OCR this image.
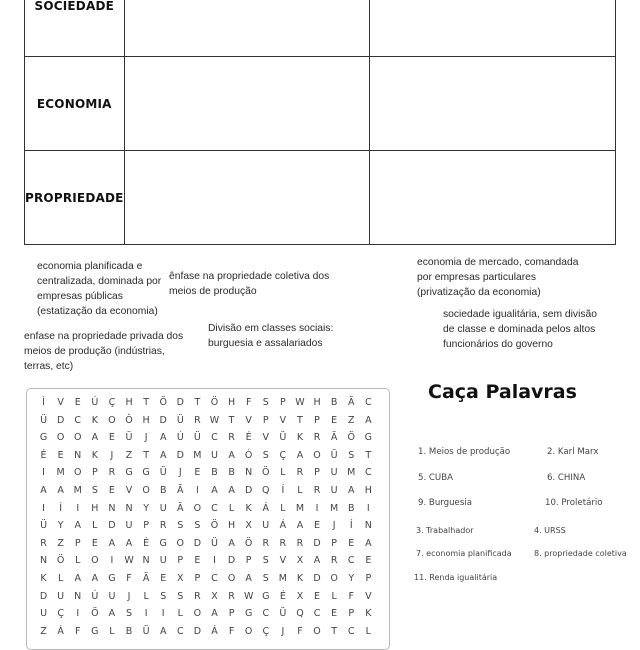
SOCIEDADE		
ECONOMIA		
PROPRIEDADE		
economia planificada e
centralizada, dominada por
empresas públicas
(estatização da economia)
ênfase na propriedade coletiva dos
meios de produção
economia de mercado, comandada
por empresas particulares
(privatização da economia)
enfase na propriedade privada dos
meios de produção (indústrias,
terras, etc)
Divisão em classes sociais:
burguesia e assalariados
sociedade igualitária, sem divisão
de classe e dominada pelos altos
funcionários do governo
Ì	V	E	Ú	Ç	H	T	Ö	D	T	Ö	H	F	S	P	W H	B	Ã	C
Ü	D	C	K	O	Ô	H	D	Ü	R W T	V	P	V	T	P	E	Z	A
G	O	O	A	E	Ü	J	A	Ú	Ü	C	R	É	V	Ü	K	R	Ã	Ö	G
É	E	N	K	J	Z	T	A	D M	U	A	Ó	S	Ç	A	O	Ü	S	T
I	M O	P	R	G	G	Ü	J	E	B	B	N	Ö	L	R	P	U	M	C
A	A	M	S	E	V	O	B	Ã	I	A	A	D	Q	Í	L	R	U	A	H
I	Í	I	H	N	N	Y	U	Ã	O	C	L	K	Á	L	M	I	M	B	I
Ü	Y	A	L	D	U	P	R	S	S	Ö	H	X	U	Á	A	E	J	Í	N
R	Z	P	E	A	A	É	G	O	D	Ü	A	Ö	R	R	R	D	P	E	A
N	Ö	L	O	I	W N	U	P	E	I	D	P	S	V	X	A	R	C	E
K	L	A	A	G	F	Ã	E	X	P	C	O	A	S	M	K	D	O	Y	P
D	U	N	Ú	U	J	L	S	S	R	X	R W G	É	X	E	L	F	V
U	Ç	I	Ö	A	S	I	I	L	O	A	P	G	C	Ü	Q	C	E	P	K
Z	Á	F	G	L	B	Ü	A	C	D	Á	F	O	Ç	J	F	O	T	C	L
Caça Palavras
1. Meios de produção	2. Karl Marx
5. CUBA	6. CHINA
9. Burguesia	10. Proletário
3. Trabalhador	4. URSS
7. economia planificada	8. propriedade coletiva
11. Renda igualitária
